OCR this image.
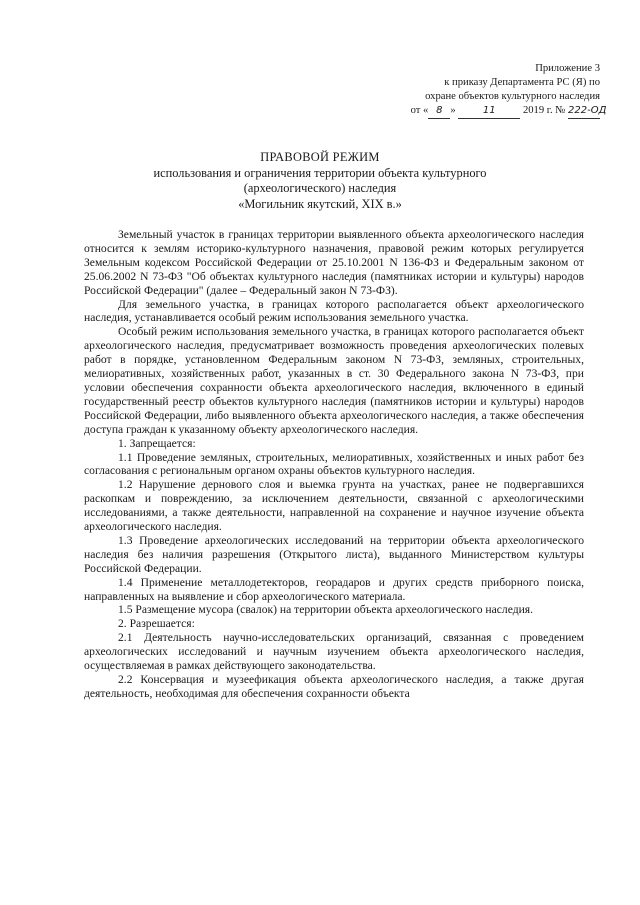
Приложение 3
к приказу Департамента РС (Я) по
охране объектов культурного наследия
от « 8 »	11	2019 г. № 222-ОД
ПРАВОВОЙ РЕЖИМ
использования и ограничения территории объекта культурного
(археологического) наследия
«Могильник якутский, XIX в.»

Земельный участок в границах территории выявленного объекта археологического наследия относится к землям историко-культурного назначения, правовой режим которых регулируется Земельным кодексом Российской Федерации от 25.10.2001 N 136-ФЗ и Федеральным законом от 25.06.2002 N 73-ФЗ "Об объектах культурного наследия (памятниках истории и культуры) народов Российской Федерации" (далее – Федеральный закон N 73-ФЗ).

Для земельного участка, в границах которого располагается объект археологического наследия, устанавливается особый режим использования земельного участка.

Особый режим использования земельного участка, в границах которого располагается объект археологического наследия, предусматривает возможность проведения археологических полевых работ в порядке, установленном Федеральным законом N 73-ФЗ, земляных, строительных, мелиоративных, хозяйственных работ, указанных в ст. 30 Федерального закона N 73-ФЗ, при условии обеспечения сохранности объекта археологического наследия, включенного в единый государственный реестр объектов культурного наследия (памятников истории и культуры) народов Российской Федерации, либо выявленного объекта археологического наследия, а также обеспечения доступа граждан к указанному объекту археологического наследия.

1. Запрещается:

1.1 Проведение земляных, строительных, мелиоративных, хозяйственных и иных работ без согласования с региональным органом охраны объектов культурного наследия.

1.2 Нарушение дернового слоя и выемка грунта на участках, ранее не подвергавшихся раскопкам и повреждению, за исключением деятельности, связанной с археологическими исследованиями, а также деятельности, направленной на сохранение и научное изучение объекта археологического наследия.

1.3 Проведение археологических исследований на территории объекта археологического наследия без наличия разрешения (Открытого листа), выданного Министерством культуры Российской Федерации.

1.4 Применение металлодетекторов, георадаров и других средств приборного поиска, направленных на выявление и сбор археологического материала.

1.5 Размещение мусора (свалок) на территории объекта археологического наследия.

2. Разрешается:

2.1 Деятельность научно-исследовательских организаций, связанная с проведением археологических исследований и научным изучением объекта археологического наследия, осуществляемая в рамках действующего законодательства.

2.2 Консервация и музеефикация объекта археологического наследия, а также другая деятельность, необходимая для обеспечения сохранности объекта
